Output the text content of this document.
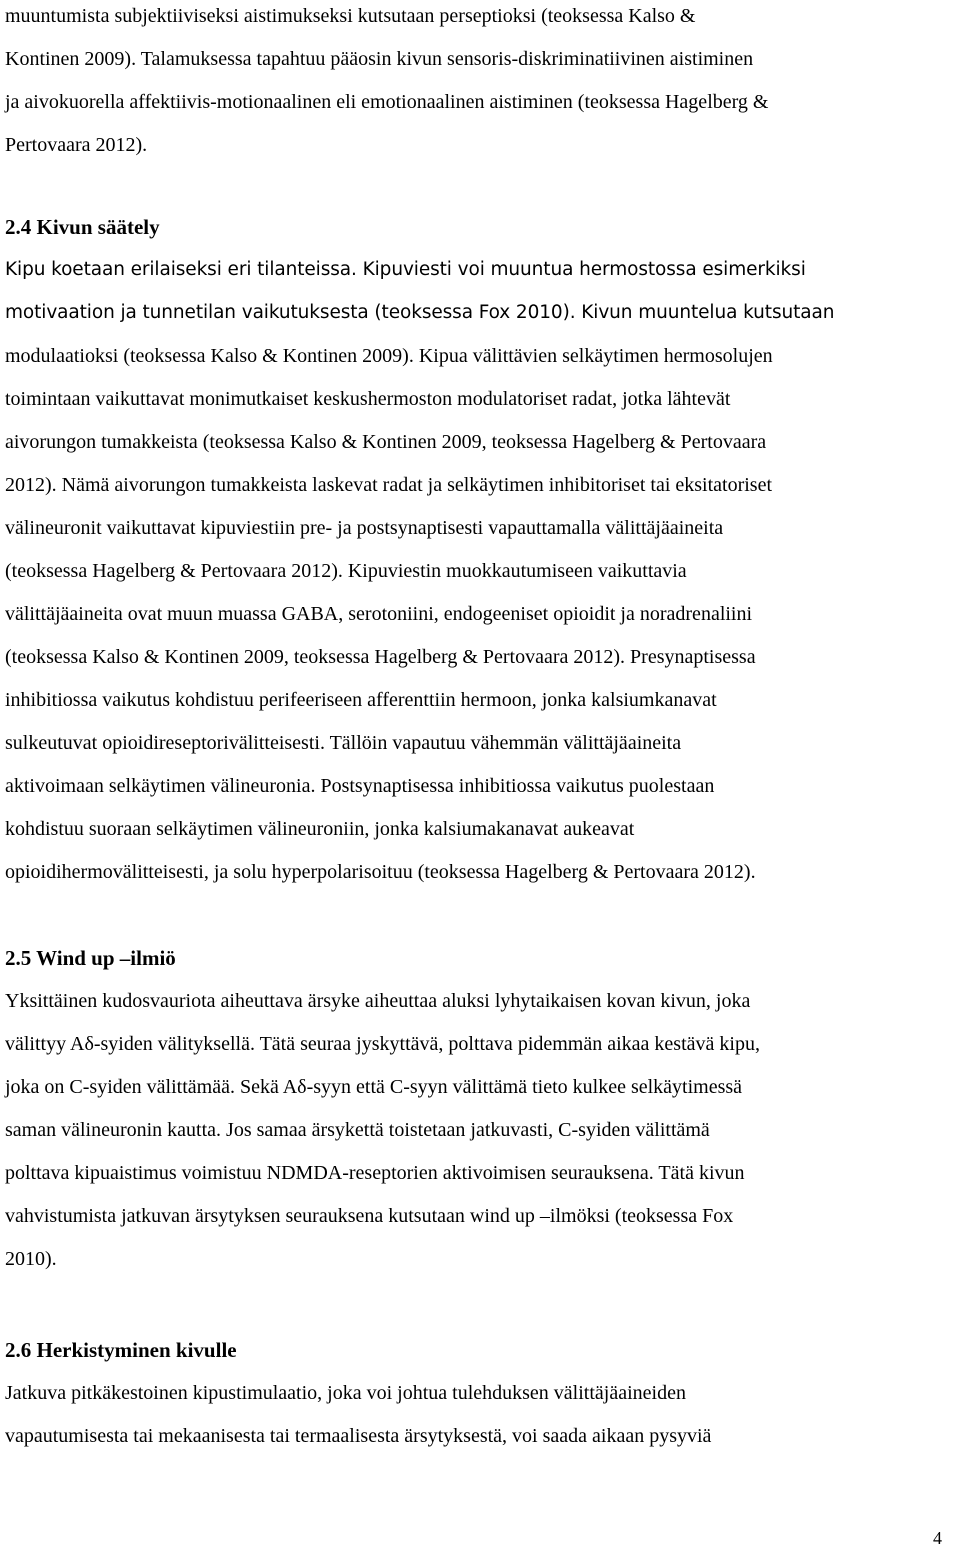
muuntumista subjektiiviseksi aistimukseksi kutsutaan perseptioksi (teoksessa Kalso &
Kontinen 2009). Talamuksessa tapahtuu pääosin kivun sensoris-diskriminatiivinen aistiminen
ja aivokuorella affektiivis-motionaalinen eli emotionaalinen aistiminen (teoksessa Hagelberg &
Pertovaara 2012).
2.4 Kivun säätely
Kipu koetaan erilaiseksi eri tilanteissa. Kipuviesti voi muuntua hermostossa esimerkiksi
motivaation ja tunnetilan vaikutuksesta (teoksessa Fox 2010). Kivun muuntelua kutsutaan
modulaatioksi (teoksessa Kalso & Kontinen 2009). Kipua välittävien selkäytimen hermosolujen
toimintaan vaikuttavat monimutkaiset keskushermoston modulatoriset radat, jotka lähtevät
aivorungon tumakkeista (teoksessa Kalso & Kontinen 2009, teoksessa Hagelberg & Pertovaara
2012). Nämä aivorungon tumakkeista laskevat radat ja selkäytimen inhibitoriset tai eksitatoriset
välineuronit vaikuttavat kipuviestiin pre- ja postsynaptisesti vapauttamalla välittäjäaineita
(teoksessa Hagelberg & Pertovaara 2012). Kipuviestin muokkautumiseen vaikuttavia
välittäjäaineita ovat muun muassa GABA, serotoniini, endogeeniset opioidit ja noradrenaliini
(teoksessa Kalso & Kontinen 2009, teoksessa Hagelberg & Pertovaara 2012). Presynaptisessa
inhibitiossa vaikutus kohdistuu perifeeriseen afferenttiin hermoon, jonka kalsiumkanavat
sulkeutuvat opioidireseptorivälitteisesti. Tällöin vapautuu vähemmän välittäjäaineita
aktivoimaan selkäytimen välineuronia. Postsynaptisessa inhibitiossa vaikutus puolestaan
kohdistuu suoraan selkäytimen välineuroniin, jonka kalsiumakanavat aukeavat
opioidihermovälitteisesti, ja solu hyperpolarisoituu (teoksessa Hagelberg & Pertovaara 2012).
2.5 Wind up –ilmiö
Yksittäinen kudosvauriota aiheuttava ärsyke aiheuttaa aluksi lyhytaikaisen kovan kivun, joka
välittyy Aδ-syiden välityksellä. Tätä seuraa jyskyttävä, polttava pidemmän aikaa kestävä kipu,
joka on C-syiden välittämää. Sekä Aδ-syyn että C-syyn välittämä tieto kulkee selkäytimessä
saman välineuronin kautta. Jos samaa ärsykettä toistetaan jatkuvasti, C-syiden välittämä
polttava kipuaistimus voimistuu NDMDA-reseptorien aktivoimisen seurauksena. Tätä kivun
vahvistumista jatkuvan ärsytyksen seurauksena kutsutaan wind up –ilmöksi (teoksessa Fox
2010).
2.6 Herkistyminen kivulle
Jatkuva pitkäkestoinen kipustimulaatio, joka voi johtua tulehduksen välittäjäaineiden
vapautumisesta tai mekaanisesta tai termaalisesta ärsytyksestä, voi saada aikaan pysyviä
4
